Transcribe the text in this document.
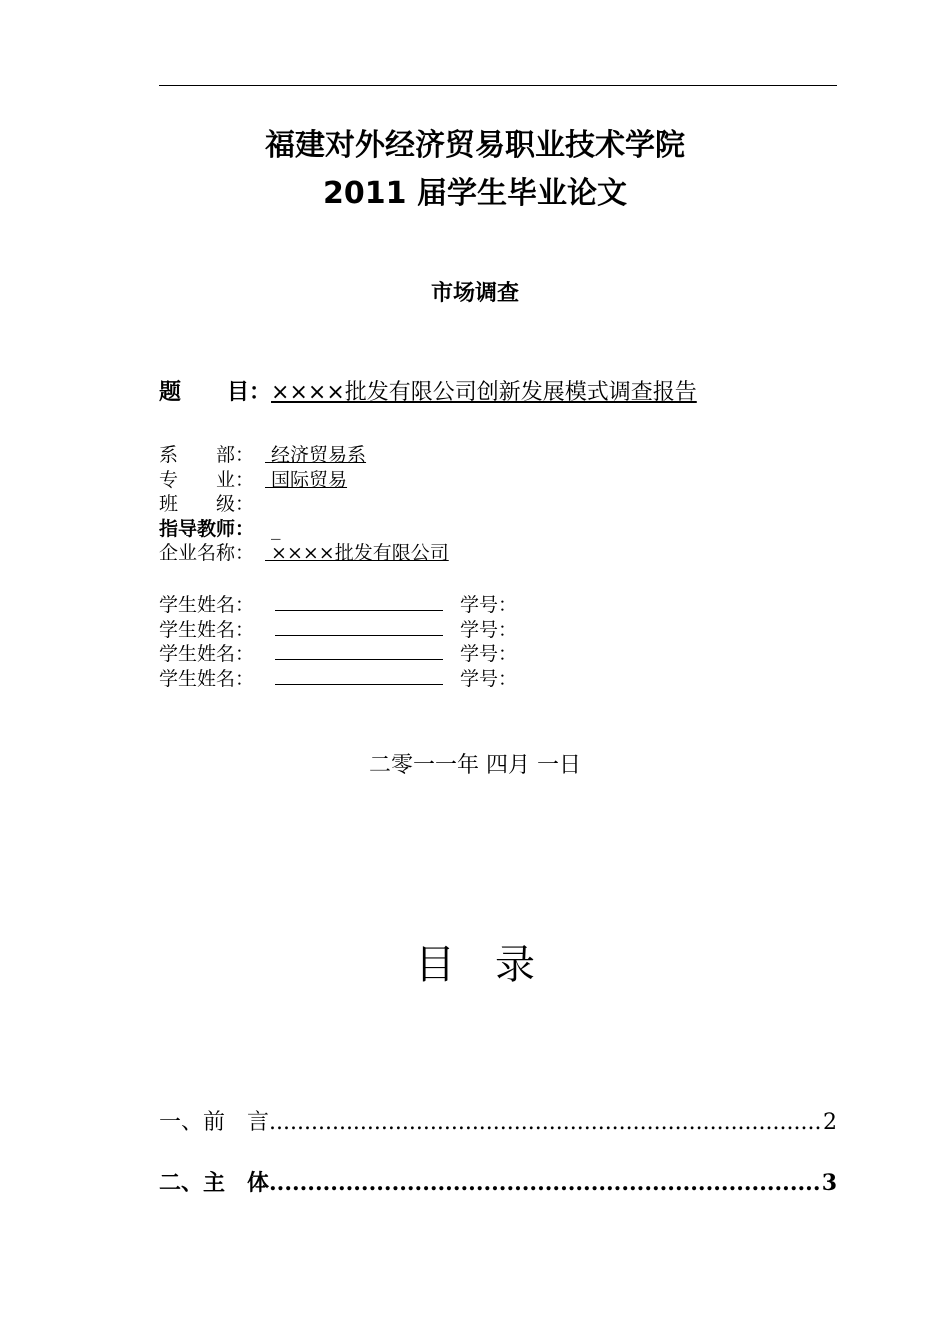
福建对外经济贸易职业技术学院
2011 届学生毕业论文
市场调查
题 目：××××批发有限公司创新发展模式调查报告
系　　部： 经济贸易系
专　　业： 国际贸易
班　　级：
指导教师： _
企业名称： ××××批发有限公司
学生姓名：	学号：
学生姓名：	学号：
学生姓名：	学号：
学生姓名：	学号：
二零一一年 四月 一日
目录
一、前　言 .....	2
二、主　体 .....	3
